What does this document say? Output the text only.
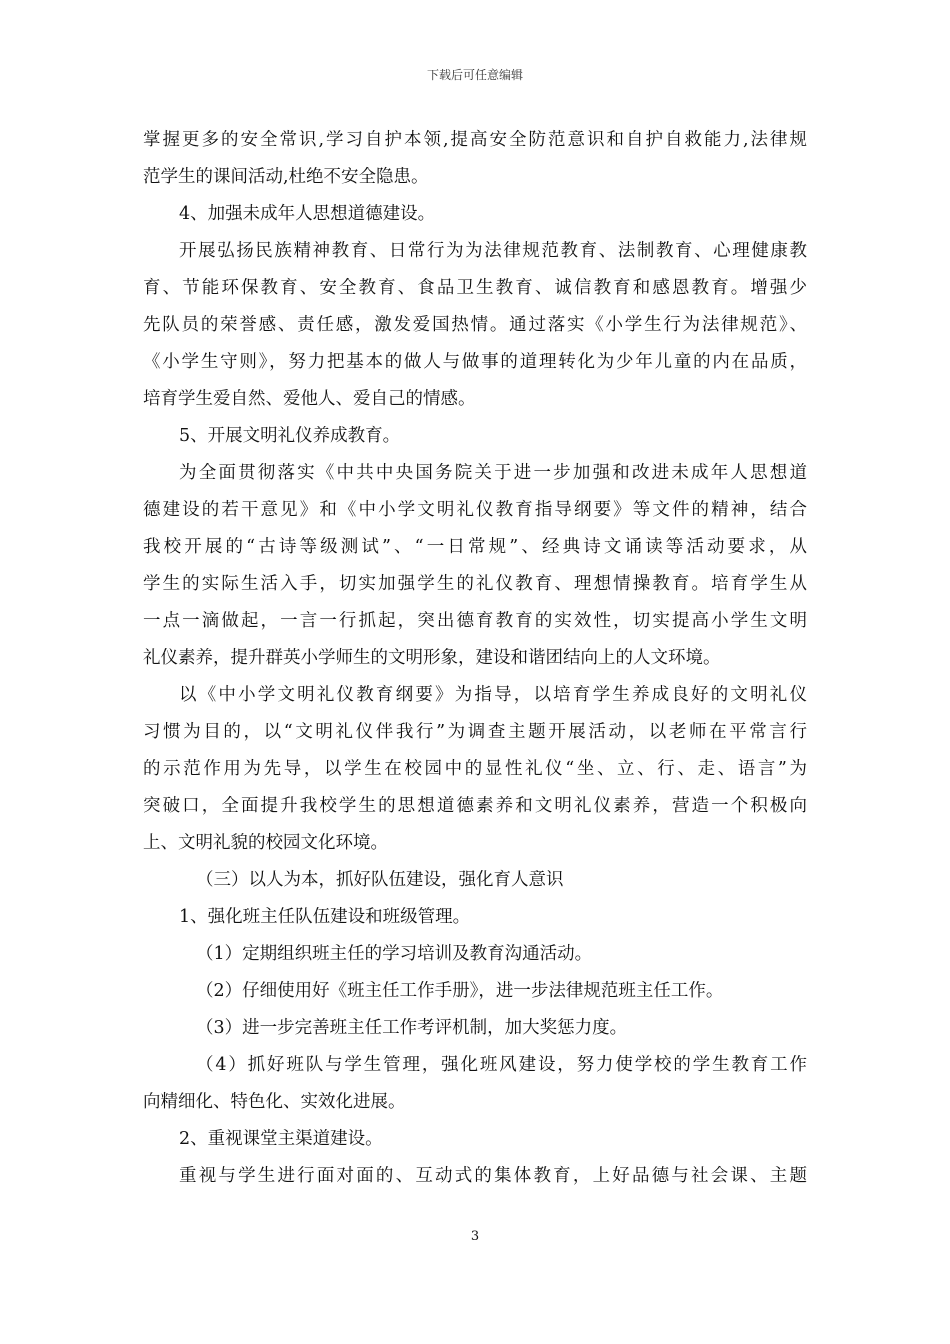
下载后可任意编辑
掌握更多的安全常识,学习自护本领,提高安全防范意识和自护自救能力,法律规
范学生的课间活动,杜绝不安全隐患。
4、加强未成年人思想道德建设。
开展弘扬民族精神教育、日常行为为法律规范教育、法制教育、心理健康教
育、节能环保教育、安全教育、食品卫生教育、诚信教育和感恩教育。增强少
先队员的荣誉感、责任感，激发爱国热情。通过落实《小学生行为法律规范》、
《小学生守则》，努力把基本的做人与做事的道理转化为少年儿童的内在品质，
培育学生爱自然、爱他人、爱自己的情感。
5、开展文明礼仪养成教育。
为全面贯彻落实《中共中央国务院关于进一步加强和改进未成年人思想道
德建设的若干意见》和《中小学文明礼仪教育指导纲要》等文件的精神，结合
我校开展的“古诗等级测试”、“一日常规”、经典诗文诵读等活动要求，从
学生的实际生活入手，切实加强学生的礼仪教育、理想情操教育。培育学生从
一点一滴做起，一言一行抓起，突出德育教育的实效性，切实提高小学生文明
礼仪素养，提升群英小学师生的文明形象，建设和谐团结向上的人文环境。
以《中小学文明礼仪教育纲要》为指导，以培育学生养成良好的文明礼仪
习惯为目的，以“文明礼仪伴我行”为调查主题开展活动，以老师在平常言行
的示范作用为先导，以学生在校园中的显性礼仪“坐、立、行、走、语言”为
突破口，全面提升我校学生的思想道德素养和文明礼仪素养，营造一个积极向
上、文明礼貌的校园文化环境。
（三）以人为本，抓好队伍建设，强化育人意识
1、强化班主任队伍建设和班级管理。
（1）定期组织班主任的学习培训及教育沟通活动。
（2）仔细使用好《班主任工作手册》，进一步法律规范班主任工作。
（3）进一步完善班主任工作考评机制，加大奖惩力度。
（4）抓好班队与学生管理，强化班风建设，努力使学校的学生教育工作
向精细化、特色化、实效化进展。
2、重视课堂主渠道建设。
重视与学生进行面对面的、互动式的集体教育，上好品德与社会课、主题
3
